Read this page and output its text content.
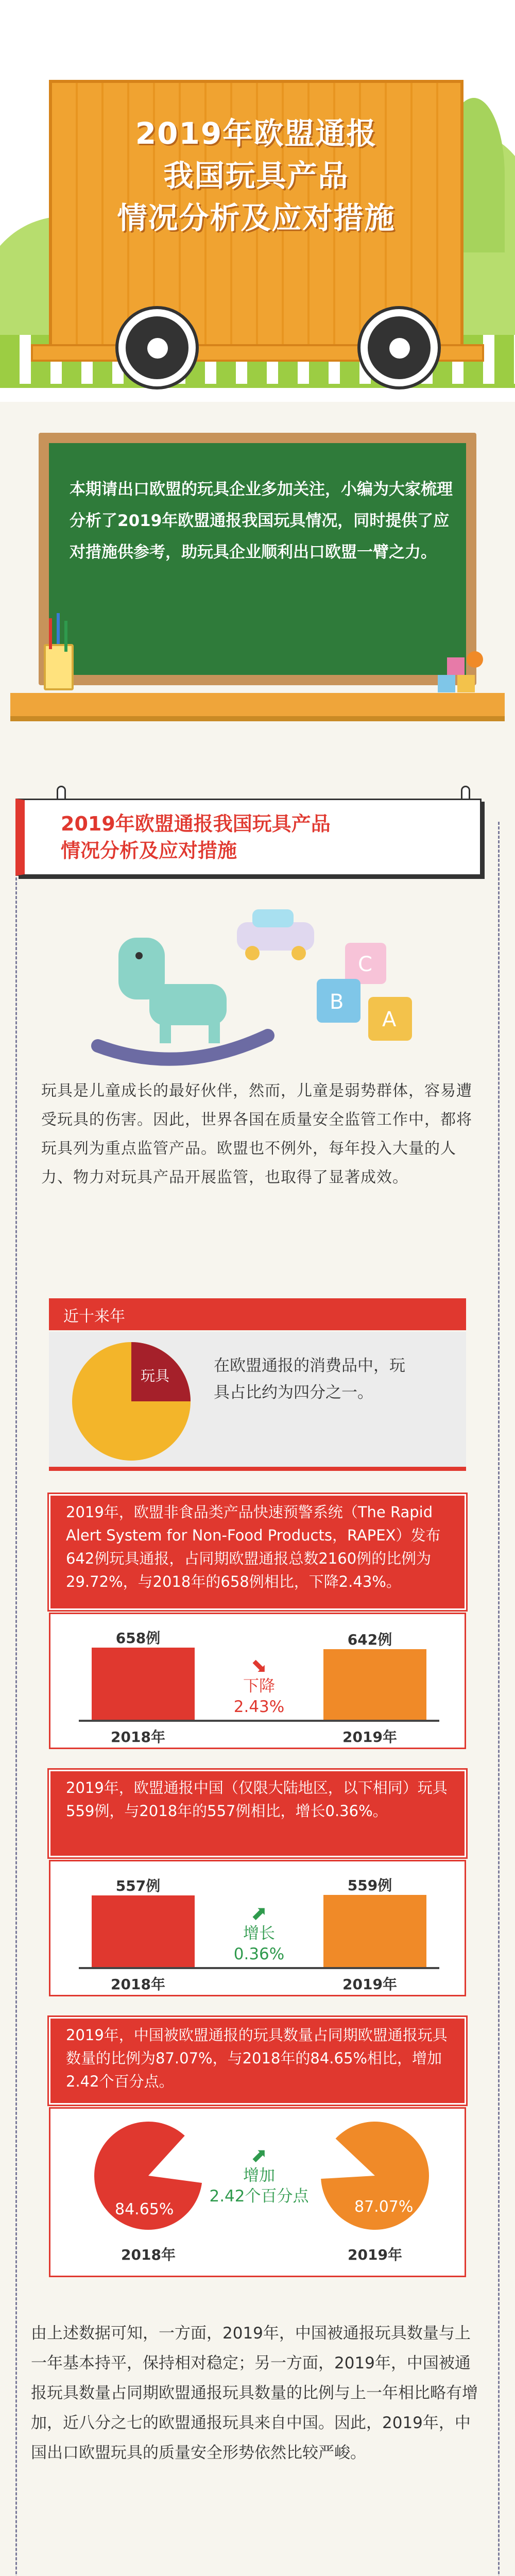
2019年欧盟通报
我国玩具产品
情况分析及应对措施
本期请出口欧盟的玩具企业多加关注，小编为大家梳理分析了2019年欧盟通报我国玩具情况，同时提供了应对措施供参考，助玩具企业顺利出口欧盟一臂之力。
2019年欧盟通报我国玩具产品
情况分析及应对措施
C
B
A
玩具是儿童成长的最好伙伴，然而，儿童是弱势群体，容易遭受玩具的伤害。因此，世界各国在质量安全监管工作中，都将玩具列为重点监管产品。欧盟也不例外，每年投入大量的人力、物力对玩具产品开展监管，也取得了显著成效。
近十来年
玩具
在欧盟通报的消费品中，玩具占比约为四分之一。
2019年，欧盟非食品类产品快速预警系统（The Rapid Alert System for Non-Food Products，RAPEX）发布642例玩具通报，占同期欧盟通报总数2160例的比例为29.72%，与2018年的658例相比，下降2.43%。
658例
2018年
642例
2019年
⬊
下降
2.43%
2019年，欧盟通报中国（仅限大陆地区，以下相同）玩具559例，与2018年的557例相比，增长0.36%。
557例
2018年
559例
2019年
⬈
增长
0.36%
2019年，中国被欧盟通报的玩具数量占同期欧盟通报玩具数量的比例为87.07%，与2018年的84.65%相比，增加2.42个百分点。
84.65%
2018年
87.07%
2019年
⬈
增加
2.42个百分点
由上述数据可知，一方面，2019年，中国被通报玩具数量与上一年基本持平，保持相对稳定；另一方面，2019年，中国被通报玩具数量占同期欧盟通报玩具数量的比例与上一年相比略有增加，近八分之七的欧盟通报玩具来自中国。因此，2019年，中国出口欧盟玩具的质量安全形势依然比较严峻。
